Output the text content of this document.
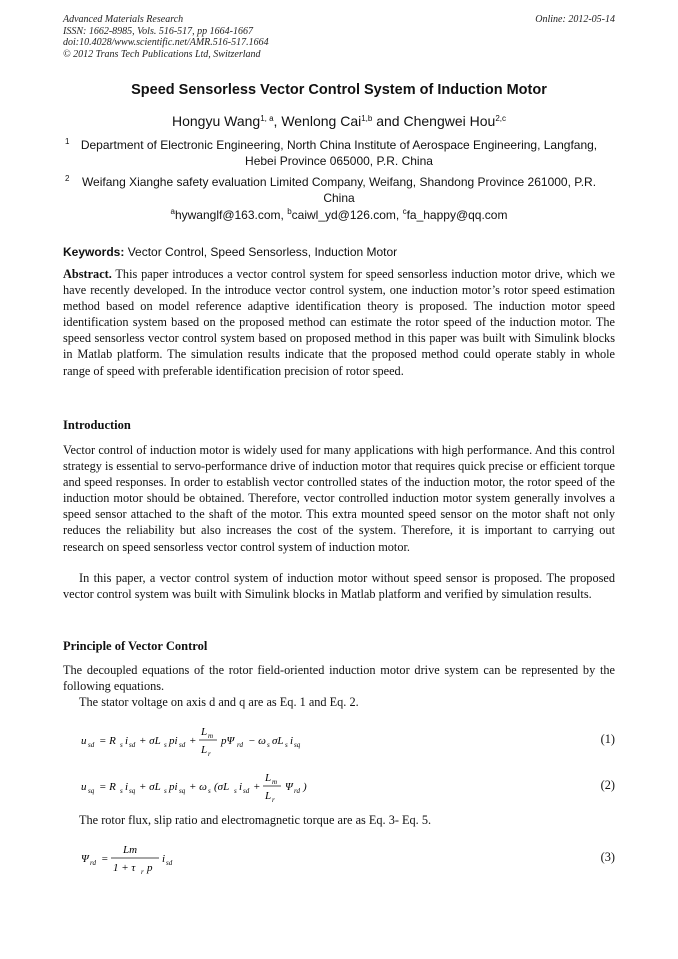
Advanced Materials Research
ISSN: 1662-8985, Vols. 516-517, pp 1664-1667
doi:10.4028/www.scientific.net/AMR.516-517.1664
© 2012 Trans Tech Publications Ltd, Switzerland
Online: 2012-05-14
Speed Sensorless Vector Control System of Induction Motor
Hongyu Wang$^{1, a}$, Wenlong Cai$^{1,b}$ and Chengwei Hou$^{2,c}$
1 Department of Electronic Engineering, North China Institute of Aerospace Engineering, Langfang,
Hebei Province 065000, P.R. China
2	Weifang Xianghe safety evaluation Limited Company, Weifang, Shandong Province 261000, P.R.
China
$^a$hywanglf@163.com, $^b$caiwl_yd@126.com, $^c$fa_happy@qq.com
Keywords: Vector Control, Speed Sensorless, Induction Motor
Abstract. This paper introduces a vector control system for speed sensorless induction motor drive, which we have recently developed. In the introduce vector control system, one induction motor’s rotor speed estimation method based on model reference adaptive identification theory is proposed. The induction motor speed identification system based on the proposed method can estimate the rotor speed of the induction motor. The speed sensorless vector control system based on proposed method in this paper was built with Simulink blocks in Matlab platform. The simulation results indicate that the proposed method could operate stably in whole range of speed with preferable identification precision of rotor speed.
Introduction
Vector control of induction motor is widely used for many applications with high performance. And this control strategy is essential to servo-performance drive of induction motor that requires quick precise or efficient torque and speed responses. In order to establish vector controlled states of the induction motor, the rotor speed of the induction motor should be obtained. Therefore, vector controlled induction motor system generally involves a speed sensor attached to the shaft of the motor. This extra mounted speed sensor on the motor shaft not only reduces the reliability but also increases the cost of the system. Therefore, it is important to carrying out research on speed sensorless vector control system of induction motor.
In this paper, a vector control system of induction motor without speed sensor is proposed. The proposed vector control system was built with Simulink blocks in Matlab platform and verified by simulation results.
Principle of Vector Control
The decoupled equations of the rotor field-oriented induction motor drive system can be represented by the following equations.
The stator voltage on axis d and q are as Eq. 1 and Eq. 2.
u sd = R s i sd + σL s pi sd +
L m
L r
pΨ rd − ω s σL s i sq	(1)
u sq = R s i sq + σL s pi sq + ω s (σL s i sd +
L m
L r
Ψ rd )	(2)
The rotor flux, slip ratio and electromagnetic torque are as Eq. 3- Eq. 5.
Ψ rd =
Lm
1 + τ r p
i sd	(3)
